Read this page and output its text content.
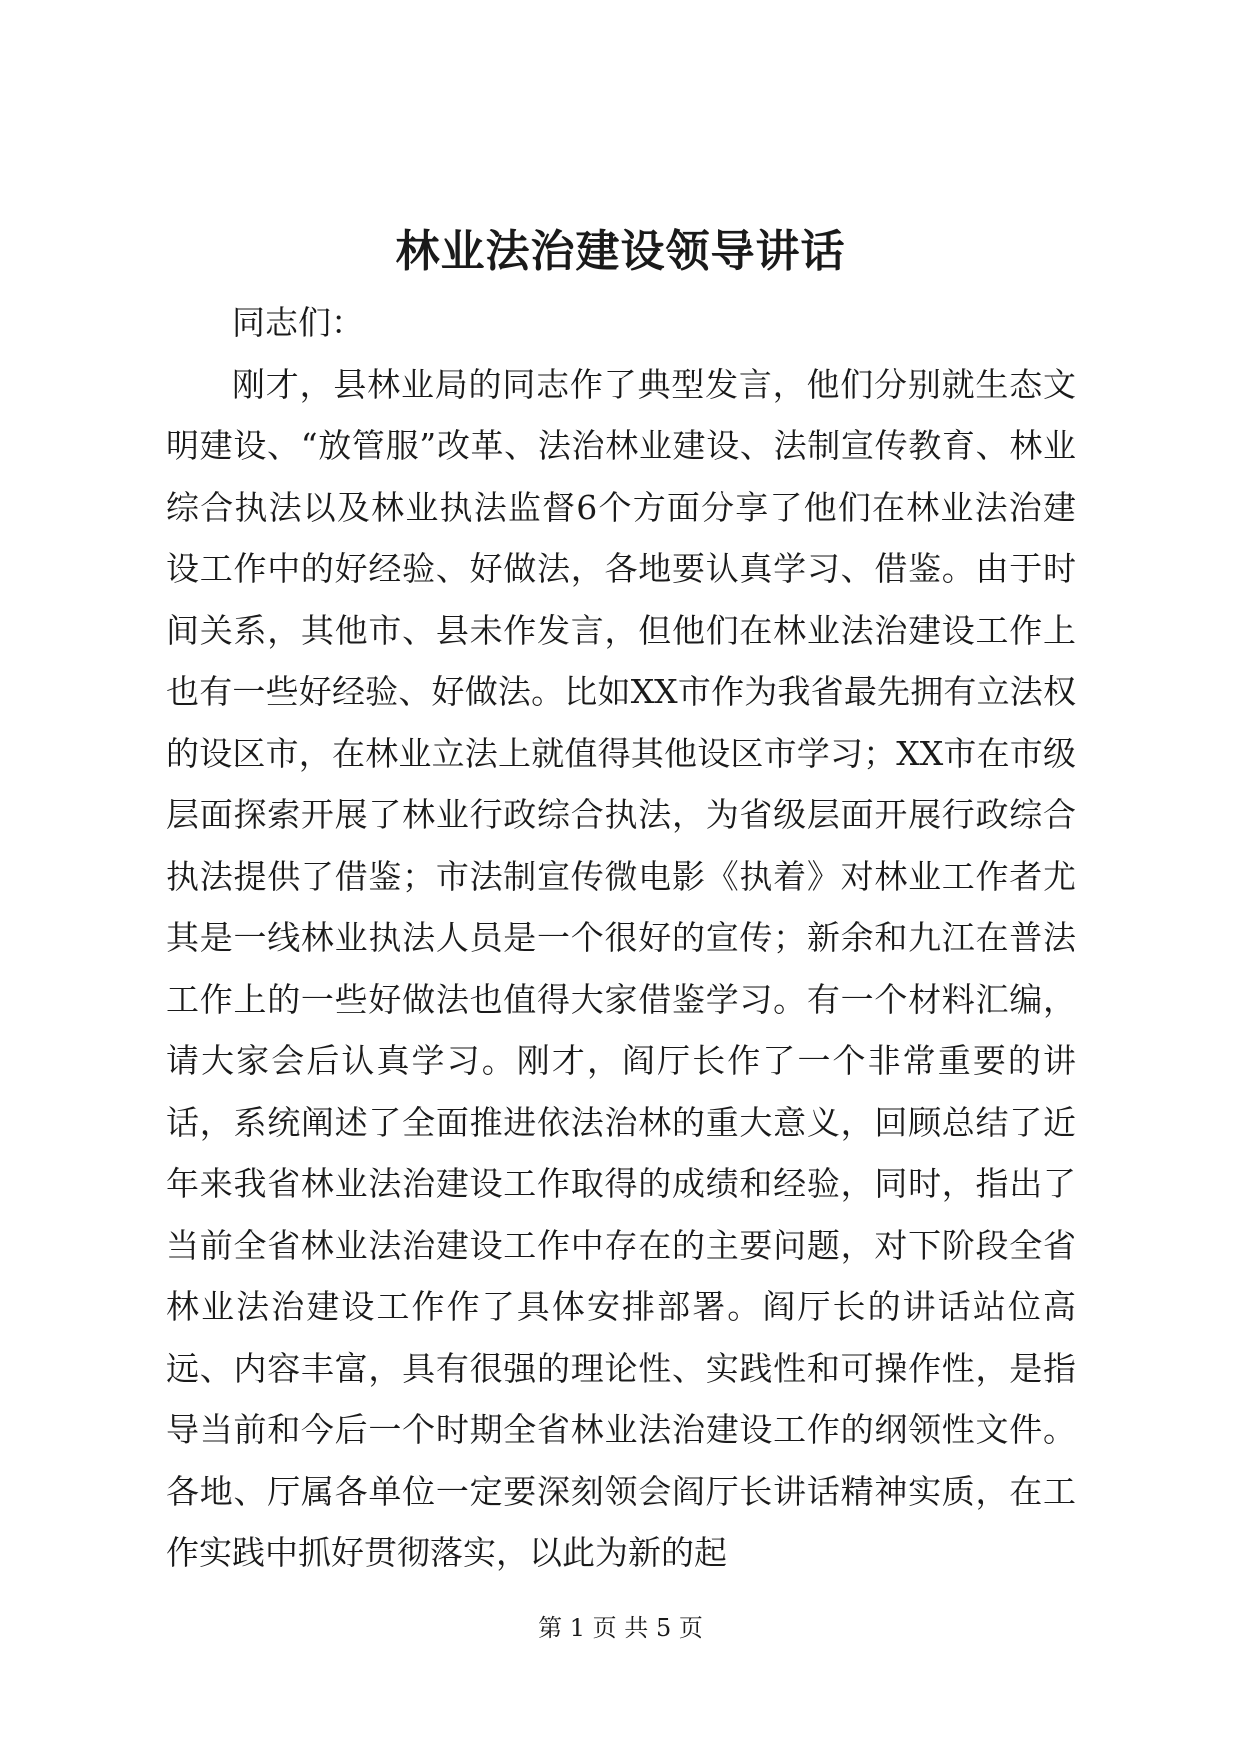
林业法治建设领导讲话

同志们：

刚才，县林业局的同志作了典型发言，他们分别就生态文明建设、“放管服”改革、法治林业建设、法制宣传教育、林业综合执法以及林业执法监督6个方面分享了他们在林业法治建设工作中的好经验、好做法，各地要认真学习、借鉴。由于时间关系，其他市、县未作发言，但他们在林业法治建设工作上也有一些好经验、好做法。比如XX市作为我省最先拥有立法权的设区市，在林业立法上就值得其他设区市学习；XX市在市级层面探索开展了林业行政综合执法，为省级层面开展行政综合执法提供了借鉴；市法制宣传微电影《执着》对林业工作者尤其是一线林业执法人员是一个很好的宣传；新余和九江在普法工作上的一些好做法也值得大家借鉴学习。有一个材料汇编，请大家会后认真学习。刚才，阎厅长作了一个非常重要的讲话，系统阐述了全面推进依法治林的重大意义，回顾总结了近年来我省林业法治建设工作取得的成绩和经验，同时，指出了当前全省林业法治建设工作中存在的主要问题，对下阶段全省林业法治建设工作作了具体安排部署。阎厅长的讲话站位高远、内容丰富，具有很强的理论性、实践性和可操作性，是指导当前和今后一个时期全省林业法治建设工作的纲领性文件。各地、厅属各单位一定要深刻领会阎厅长讲话精神实质，在工作实践中抓好贯彻落实，以此为新的起

第 1 页 共 5 页
